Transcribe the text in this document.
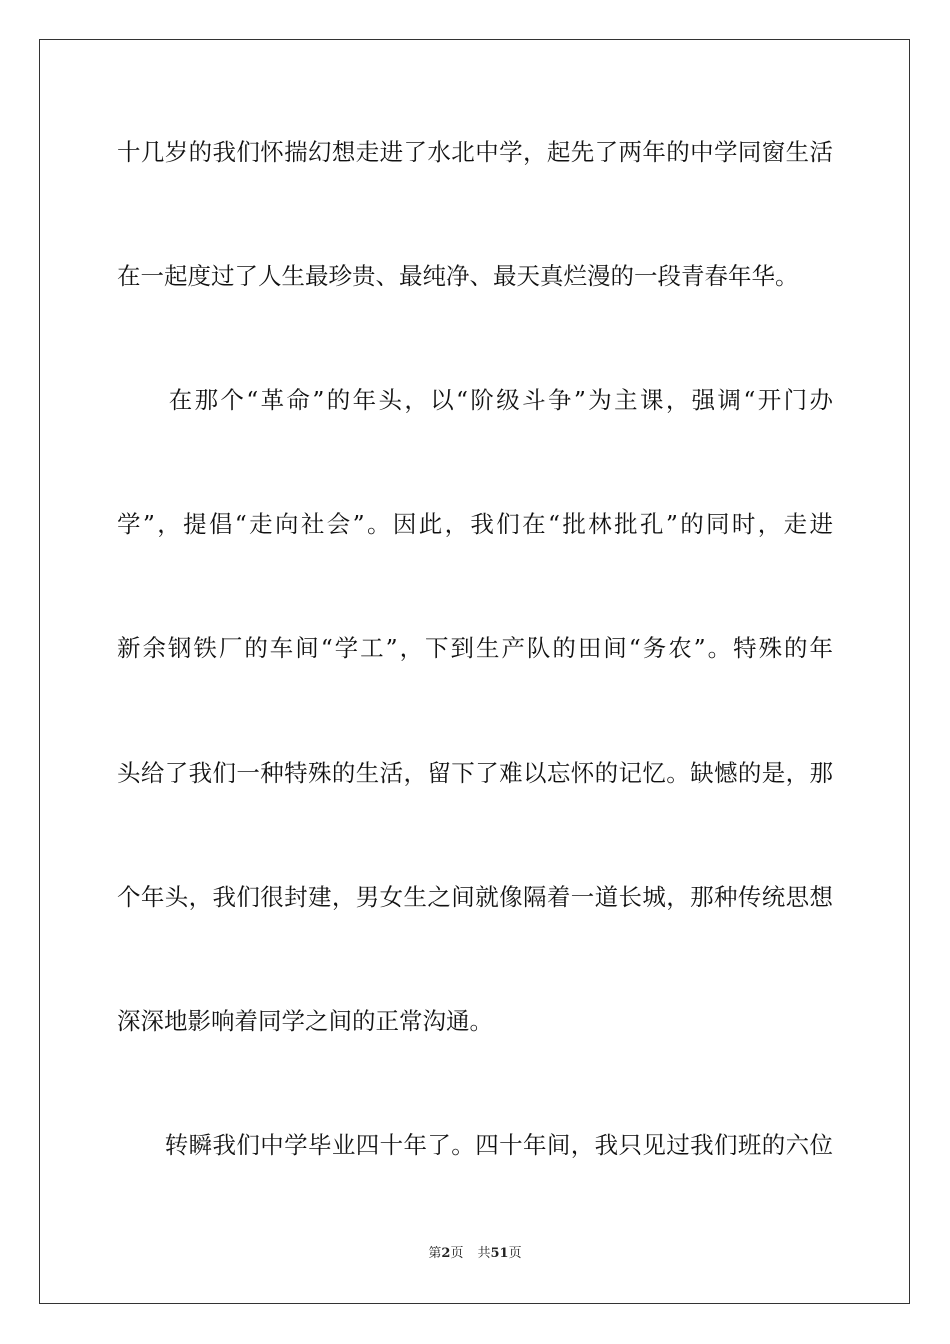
十几岁的我们怀揣幻想走进了水北中学，起先了两年的中学同窗生活
在一起度过了人生最珍贵、最纯净、最天真烂漫的一段青春年华。
　　在那个“革命”的年头，以“阶级斗争”为主课，强调“开门办
学”，提倡“走向社会”。因此，我们在“批林批孔”的同时，走进
新余钢铁厂的车间“学工”，下到生产队的田间“务农”。特殊的年
头给了我们一种特殊的生活，留下了难以忘怀的记忆。缺憾的是，那
个年头，我们很封建，男女生之间就像隔着一道长城，那种传统思想
深深地影响着同学之间的正常沟通。
　　转瞬我们中学毕业四十年了。四十年间，我只见过我们班的六位
第2页 共51页
